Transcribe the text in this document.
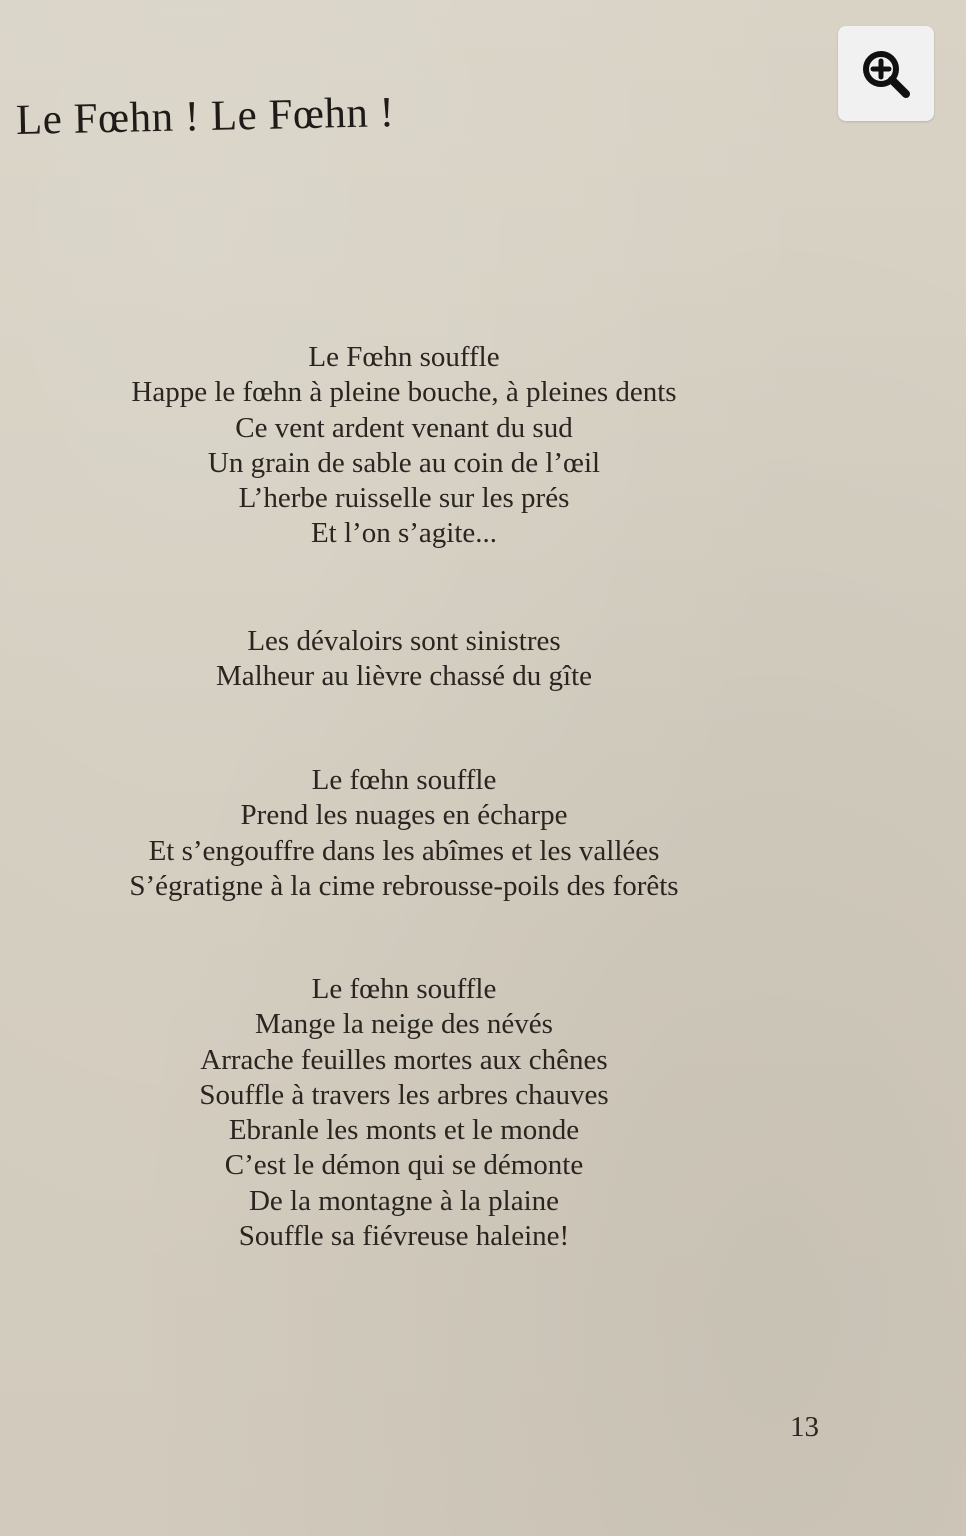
Le Fœhn ! Le Fœhn !
Le Fœhn souffle
Happe le fœhn à pleine bouche, à pleines dents
Ce vent ardent venant du sud
Un grain de sable au coin de l’œil
L’herbe ruisselle sur les prés
Et l’on s’agite...
Les dévaloirs sont sinistres
Malheur au lièvre chassé du gîte
Le fœhn souffle
Prend les nuages en écharpe
Et s’engouffre dans les abîmes et les vallées
S’égratigne à la cime rebrousse-poils des forêts
Le fœhn souffle
Mange la neige des névés
Arrache feuilles mortes aux chênes
Souffle à travers les arbres chauves
Ebranle les monts et le monde
C’est le démon qui se démonte
De la montagne à la plaine
Souffle sa fiévreuse haleine!
13
